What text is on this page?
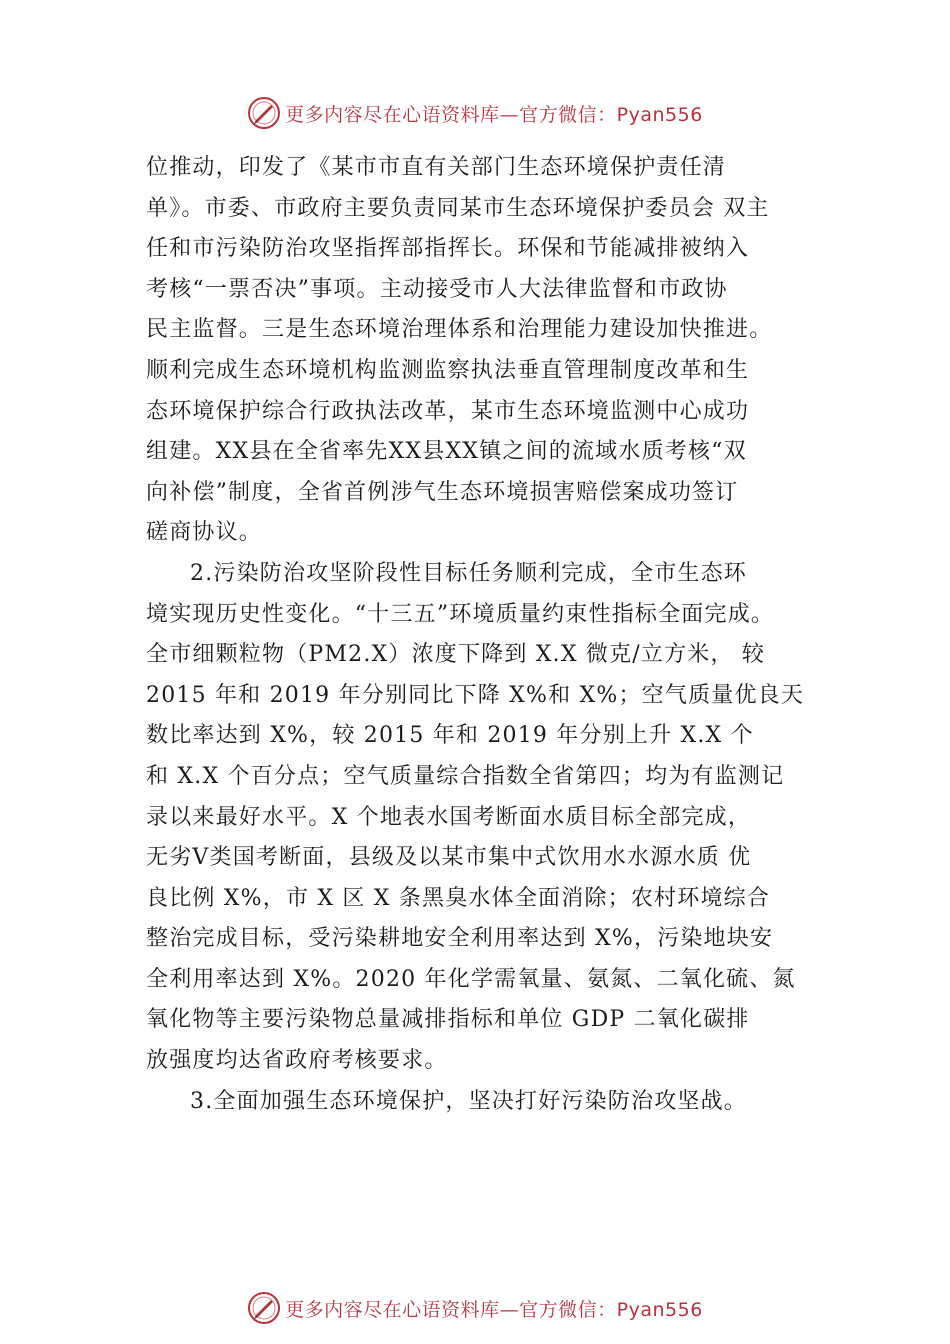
更多内容尽在心语资料库—官方微信：Pyan556
位推动，印发了《某市市直有关部门生态环境保护责任清
单》。市委、市政府主要负责同某市生态环境保护委员会 双主
任和市污染防治攻坚指挥部指挥长。环保和节能减排被纳入
考核“一票否决”事项。主动接受市人大法律监督和市政协
民主监督。三是生态环境治理体系和治理能力建设加快推进。
顺利完成生态环境机构监测监察执法垂直管理制度改革和生
态环境保护综合行政执法改革，某市生态环境监测中心成功
组建。XX县在全省率先XX县XX镇之间的流域水质考核“双
向补偿”制度，全省首例涉气生态环境损害赔偿案成功签订
磋商协议。
2.污染防治攻坚阶段性目标任务顺利完成，全市生态环
境实现历史性变化。“十三五”环境质量约束性指标全面完成。
全市细颗粒物（PM2.X）浓度下降到 X.X 微克/立方米， 较
2015 年和 2019 年分别同比下降 X%和 X%；空气质量优良天
数比率达到 X%，较 2015 年和 2019 年分别上升 X.X 个
和 X.X 个百分点；空气质量综合指数全省第四；均为有监测记
录以来最好水平。X 个地表水国考断面水质目标全部完成，
无劣Ⅴ类国考断面，县级及以某市集中式饮用水水源水质 优
良比例 X%，市 X 区 X 条黑臭水体全面消除；农村环境综合
整治完成目标，受污染耕地安全利用率达到 X%，污染地块安
全利用率达到 X%。2020 年化学需氧量、氨氮、二氧化硫、氮
氧化物等主要污染物总量减排指标和单位 GDP 二氧化碳排
放强度均达省政府考核要求。
3.全面加强生态环境保护，坚决打好污染防治攻坚战。
更多内容尽在心语资料库—官方微信：Pyan556
